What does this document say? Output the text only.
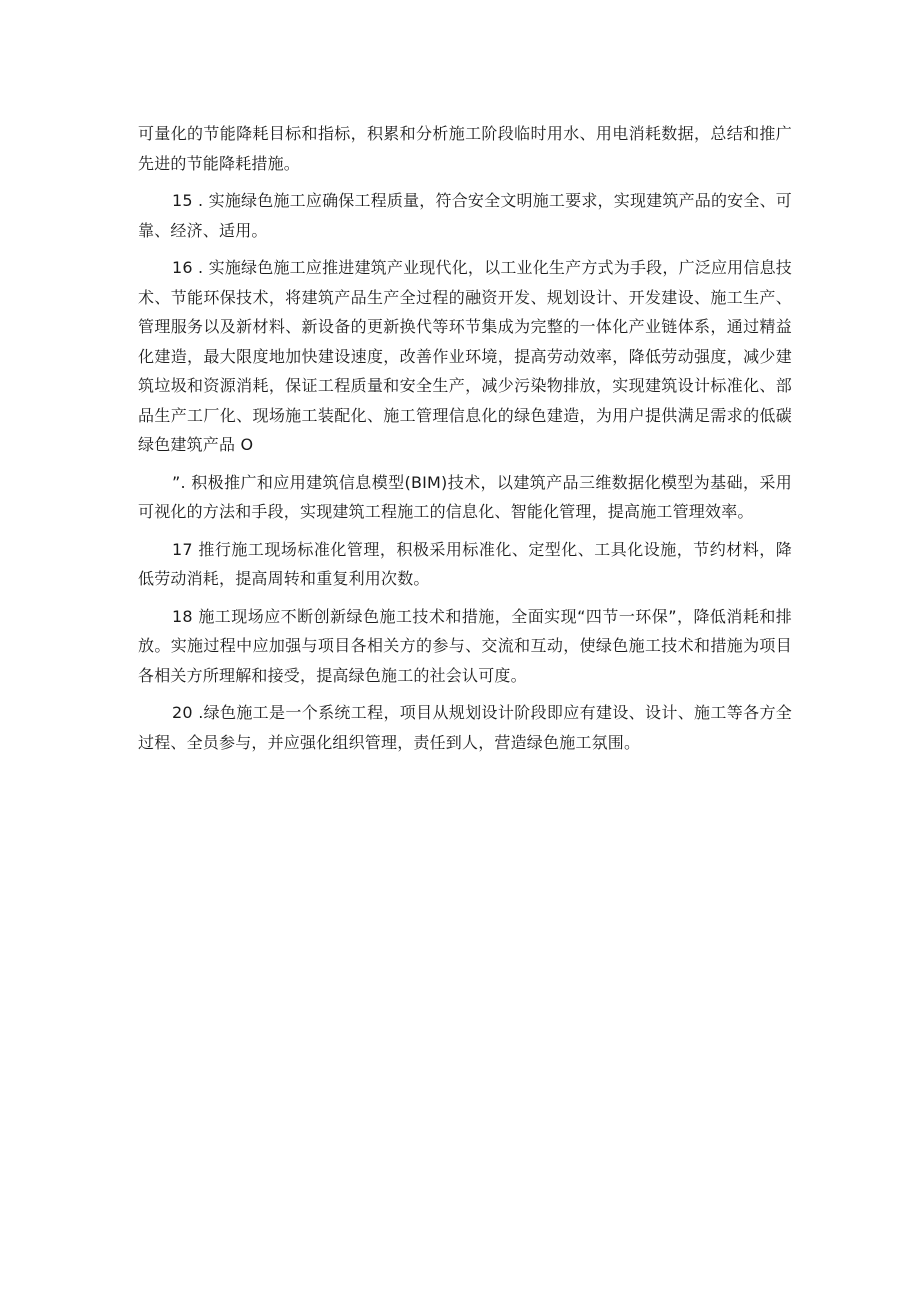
可量化的节能降耗目标和指标，积累和分析施工阶段临时用水、用电消耗数据，总结和推广先进的节能降耗措施。

15 . 实施绿色施工应确保工程质量，符合安全文明施工要求，实现建筑产品的安全、可靠、经济、适用。

16 . 实施绿色施工应推进建筑产业现代化，以工业化生产方式为手段，广泛应用信息技术、节能环保技术，将建筑产品生产全过程的融资开发、规划设计、开发建设、施工生产、管理服务以及新材料、新设备的更新换代等环节集成为完整的一体化产业链体系，通过精益化建造，最大限度地加快建设速度，改善作业环境，提高劳动效率，降低劳动强度，减少建筑垃圾和资源消耗，保证工程质量和安全生产，减少污染物排放，实现建筑设计标准化、部品生产工厂化、现场施工装配化、施工管理信息化的绿色建造，为用户提供满足需求的低碳绿色建筑产品 O

”. 积极推广和应用建筑信息模型(BIM)技术，以建筑产品三维数据化模型为基础，采用可视化的方法和手段，实现建筑工程施工的信息化、智能化管理，提高施工管理效率。

17 推行施工现场标准化管理，积极采用标准化、定型化、工具化设施，节约材料，降低劳动消耗，提高周转和重复利用次数。

18 施工现场应不断创新绿色施工技术和措施，全面实现“四节一环保”，降低消耗和排放。实施过程中应加强与项目各相关方的参与、交流和互动，使绿色施工技术和措施为项目各相关方所理解和接受，提高绿色施工的社会认可度。

20 .绿色施工是一个系统工程，项目从规划设计阶段即应有建设、设计、施工等各方全过程、全员参与，并应强化组织管理，责任到人，营造绿色施工氛围。
